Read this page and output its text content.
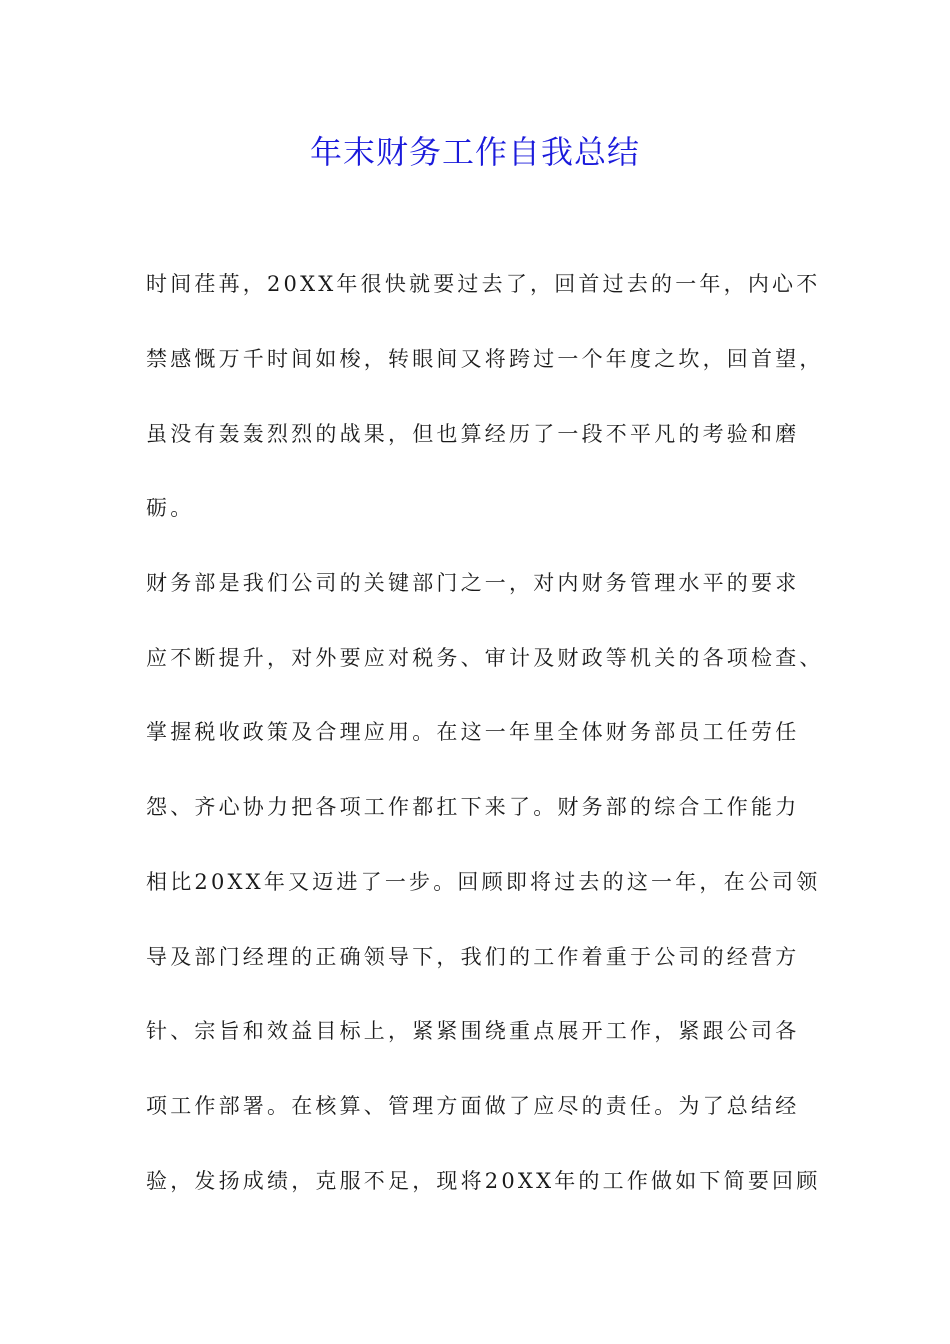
年末财务工作自我总结
时间荏苒，20XX年很快就要过去了，回首过去的一年，内心不
禁感慨万千时间如梭，转眼间又将跨过一个年度之坎，回首望，
虽没有轰轰烈烈的战果，但也算经历了一段不平凡的考验和磨
砺。
财务部是我们公司的关键部门之一，对内财务管理水平的要求
应不断提升，对外要应对税务、审计及财政等机关的各项检查、
掌握税收政策及合理应用。在这一年里全体财务部员工任劳任
怨、齐心协力把各项工作都扛下来了。财务部的综合工作能力
相比20XX年又迈进了一步。回顾即将过去的这一年，在公司领
导及部门经理的正确领导下，我们的工作着重于公司的经营方
针、宗旨和效益目标上，紧紧围绕重点展开工作，紧跟公司各
项工作部署。在核算、管理方面做了应尽的责任。为了总结经
验，发扬成绩，克服不足，现将20XX年的工作做如下简要回顾
